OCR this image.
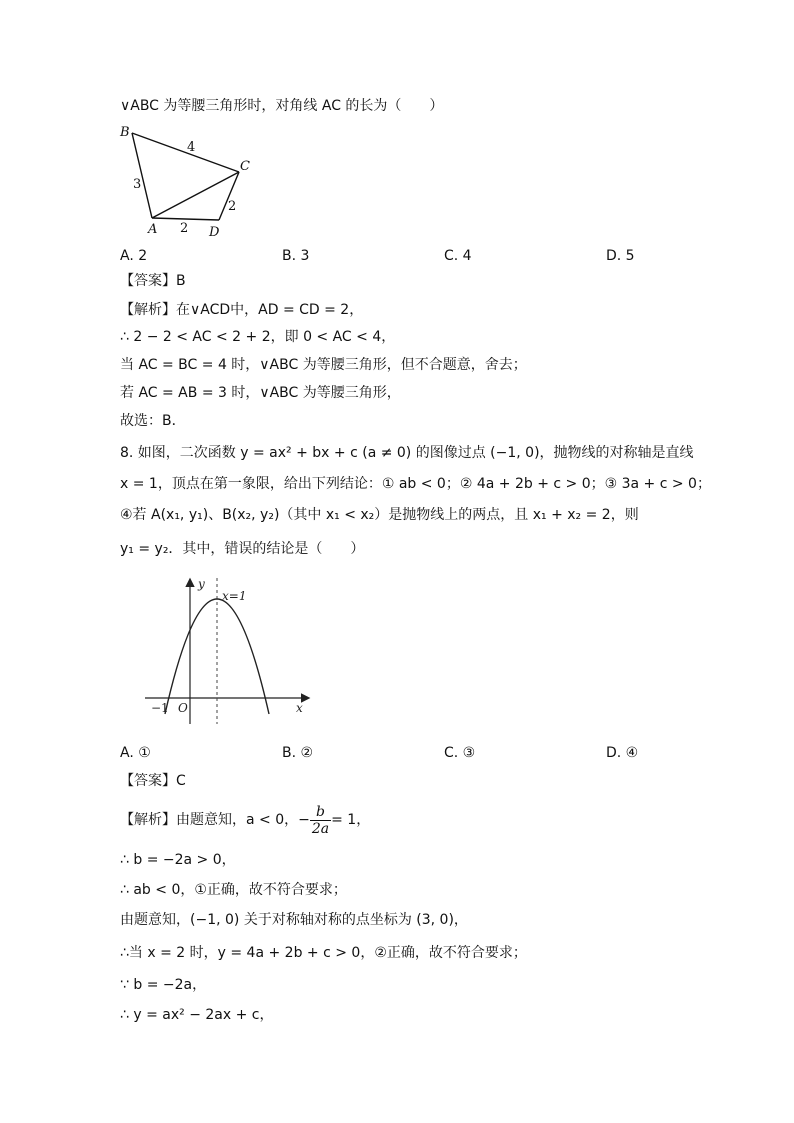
∨ABC 为等腰三角形时，对角线 AC 的长为（　　）
B
C
A	D
4
3
2
2
A. 2	B. 3	C. 4	D. 5
【答案】B
【解析】在∨ACD中，AD = CD = 2，
∴ 2 − 2 < AC < 2 + 2，即 0 < AC < 4，
当 AC = BC = 4 时，∨ABC 为等腰三角形，但不合题意，舍去；
若 AC = AB = 3 时，∨ABC 为等腰三角形，
故选：B．
8. 如图，二次函数 y = ax² + bx + c (a ≠ 0) 的图像过点 (−1, 0)，抛物线的对称轴是直线
x = 1，顶点在第一象限，给出下列结论：① ab < 0；② 4a + 2b + c > 0；③ 3a + c > 0；
④若 A(x₁, y₁)、B(x₂, y₂)（其中 x₁ < x₂）是抛物线上的两点，且 x₁ + x₂ = 2，则
y₁ = y₂．其中，错误的结论是（　　）
y
x
O
−1
x=1
A. ①	B. ②	C. ③	D. ④
【答案】C
【解析】由题意知，a < 0，− $\frac{b}{2a} = 1$，
∴ b = −2a > 0，
∴ ab < 0，①正确，故不符合要求；
由题意知，(−1, 0) 关于对称轴对称的点坐标为 (3, 0)，
∴当 x = 2 时，y = 4a + 2b + c > 0，②正确，故不符合要求；
∵ b = −2a，
∴ y = ax² − 2ax + c，
